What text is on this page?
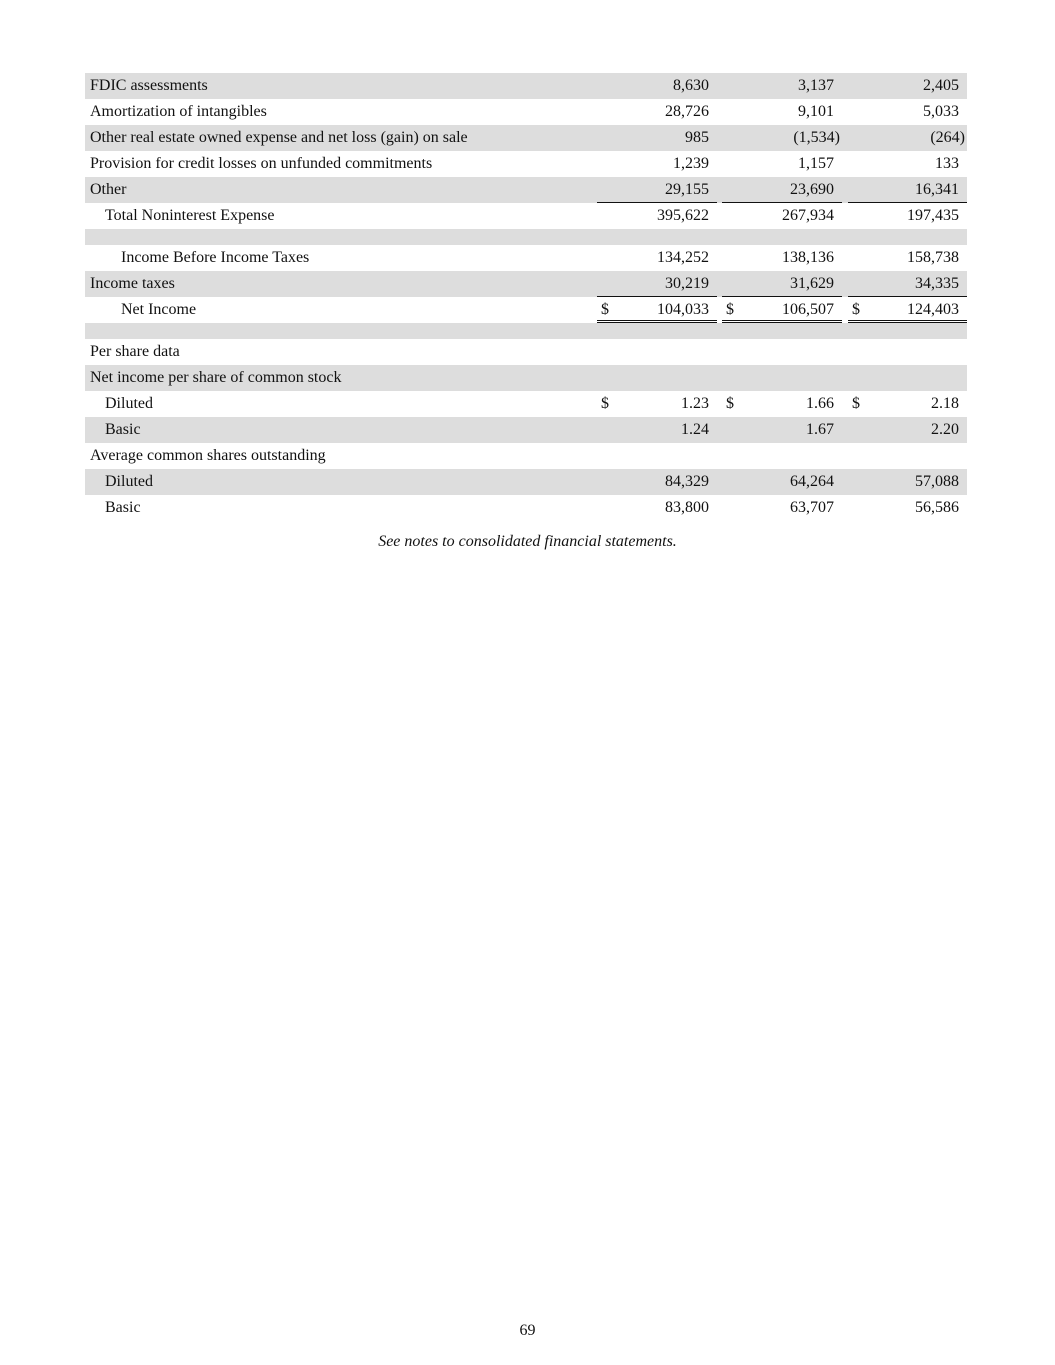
FDIC assessments	8,630	3,137	2,405
Amortization of intangibles	28,726	9,101	5,033
Other real estate owned expense and net loss (gain) on sale	985	(1,534)	(264)
Provision for credit losses on unfunded commitments	1,239	1,157	133
Other	29,155	23,690	16,341
Total Noninterest Expense	395,622	267,934	197,435
Income Before Income Taxes	134,252	138,136	158,738
Income taxes	30,219	31,629	34,335
Net Income	$	104,033 $	106,507 $	124,403
Per share data
Net income per share of common stock
Diluted	$	1.23 $	1.66 $	2.18
Basic	1.24	1.67	2.20
Average common shares outstanding
Diluted	84,329	64,264	57,088
Basic	83,800	63,707	56,586
See notes to consolidated financial statements.
69
